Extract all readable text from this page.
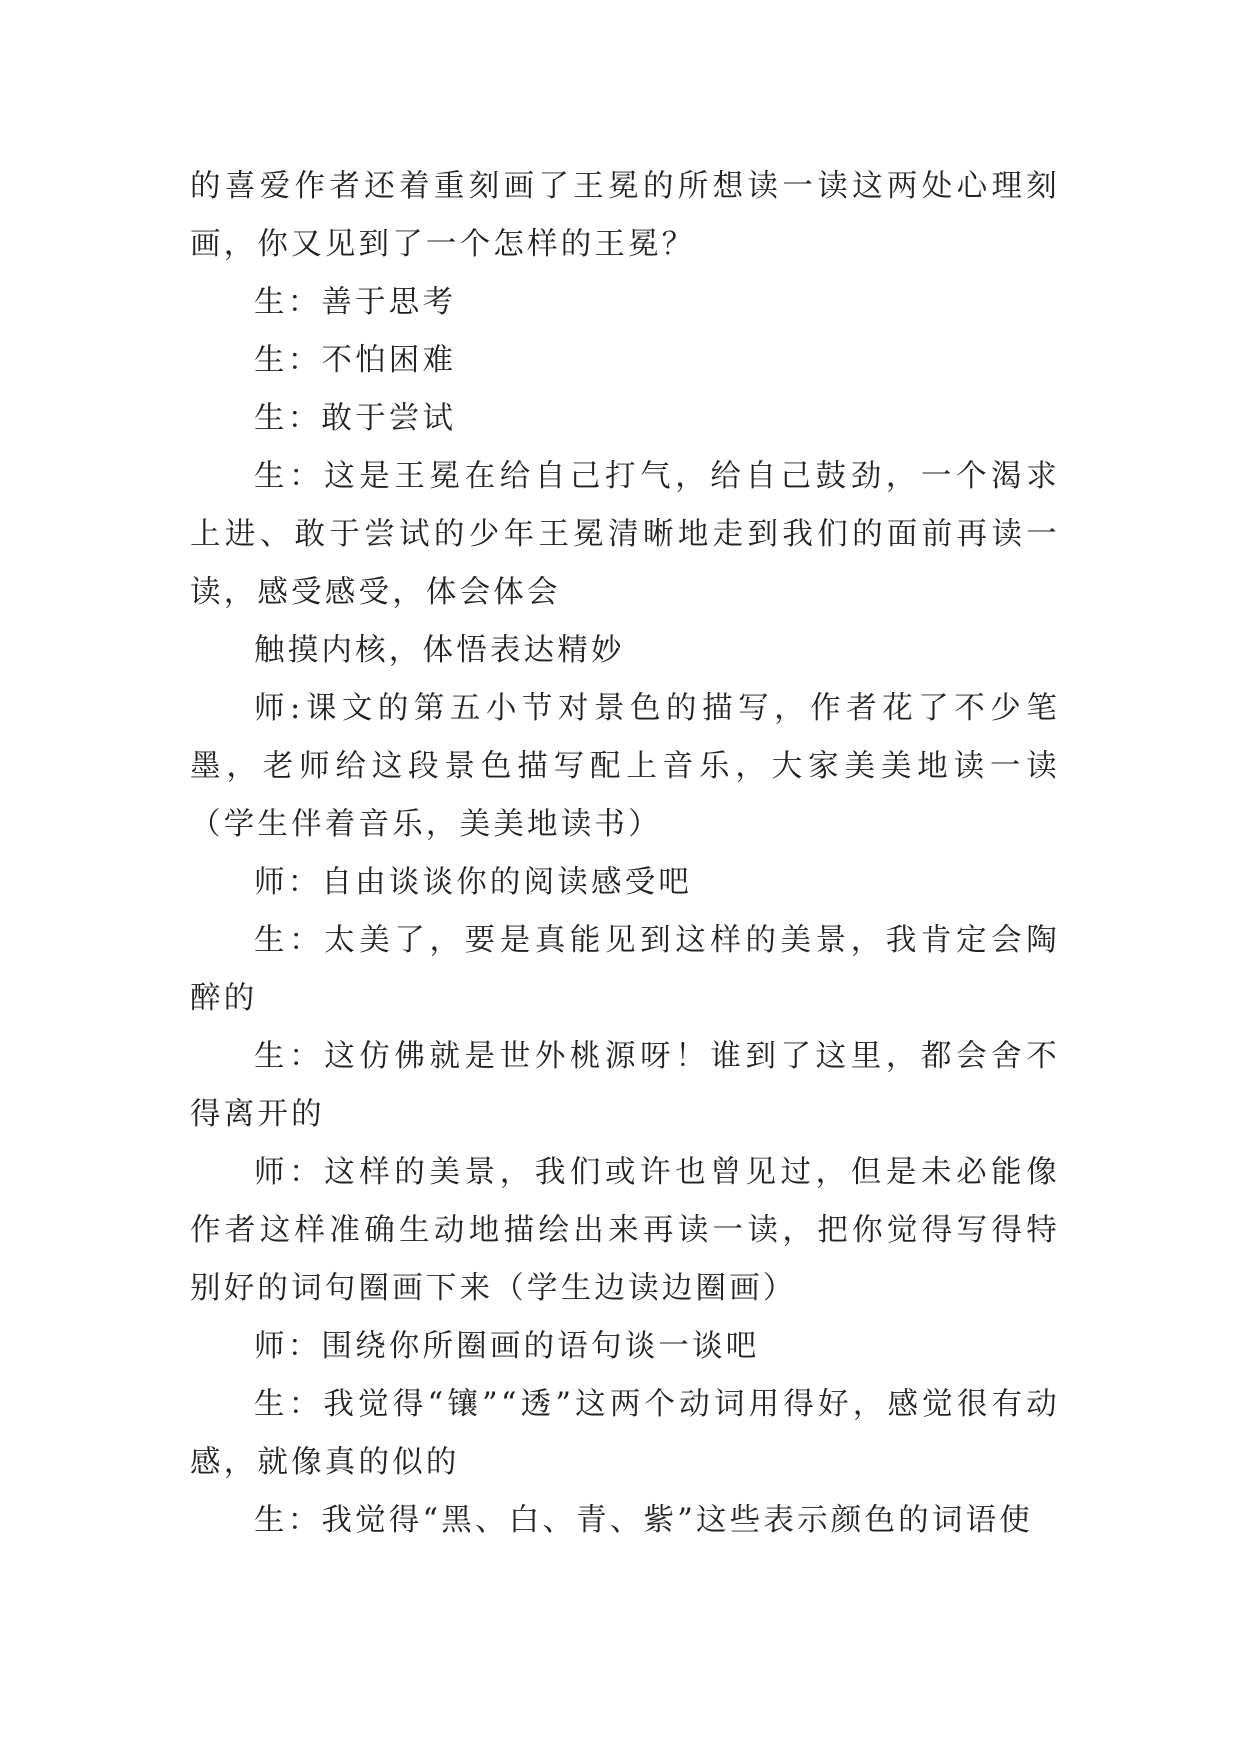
的喜爱作者还着重刻画了王冕的所想读一读这两处心理刻画，你又见到了一个怎样的王冕？

生：善于思考

生：不怕困难

生：敢于尝试

生：这是王冕在给自己打气，给自己鼓劲，一个渴求上进、敢于尝试的少年王冕清晰地走到我们的面前再读一读，感受感受，体会体会

触摸内核，体悟表达精妙

师:课文的第五小节对景色的描写，作者花了不少笔墨，老师给这段景色描写配上音乐，大家美美地读一读（学生伴着音乐，美美地读书）

师：自由谈谈你的阅读感受吧

生：太美了，要是真能见到这样的美景，我肯定会陶醉的

生：这仿佛就是世外桃源呀！谁到了这里，都会舍不得离开的

师：这样的美景，我们或许也曾见过，但是未必能像作者这样准确生动地描绘出来再读一读，把你觉得写得特别好的词句圈画下来（学生边读边圈画）

师：围绕你所圈画的语句谈一谈吧

生：我觉得“镶”“透”这两个动词用得好，感觉很有动感，就像真的似的

生：我觉得“黑、白、青、紫”这些表示颜色的词语使
